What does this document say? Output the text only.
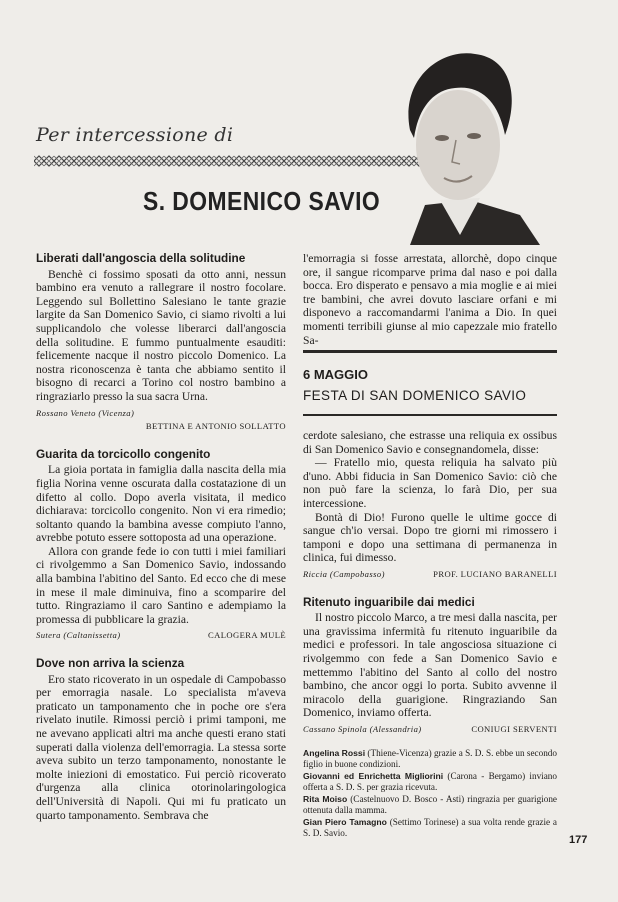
Per intercessione di
S. DOMENICO SAVIO
Liberati dall'angoscia della solitudine

Benchè ci fossimo sposati da otto anni, nessun bambino era venuto a rallegrare il nostro focolare. Leggendo sul Bollettino Salesiano le tante grazie largite da San Domenico Savio, ci siamo rivolti a lui supplicandolo che volesse liberarci dall'angoscia della solitudine. E fummo puntualmente esauditi: felicemente nacque il nostro piccolo Domenico. La nostra riconoscenza è tanta che abbiamo sentito il bisogno di recarci a Torino col nostro bambino a ringraziarlo presso la sua sacra Urna.

Rossano Veneto (Vicenza)
BETTINA E ANTONIO SOLLATTO
Guarita da torcicollo congenito

La gioia portata in famiglia dalla nascita della mia figlia Norina venne oscurata dalla costatazione di un difetto al collo. Dopo averla visitata, il medico dichiarava: torcicollo congenito. Non vi era rimedio; soltanto quando la bambina avesse compiuto l'anno, avrebbe potuto essere sottoposta ad una operazione.

Allora con grande fede io con tutti i miei familiari ci rivolgemmo a San Domenico Savio, indossando alla bambina l'abitino del Santo. Ed ecco che di mese in mese il male diminuiva, fino a scomparire del tutto. Ringraziamo il caro Santino e adempiamo la promessa di pubblicare la grazia.

Sutera (Caltanissetta)	CALOGERA MULÈ
Dove non arriva la scienza

Ero stato ricoverato in un ospedale di Campobasso per emorragia nasale. Lo specialista m'aveva praticato un tamponamento che in poche ore s'era rivelato inutile. Rimossi perciò i primi tamponi, me ne avevano applicati altri ma anche questi erano stati superati dalla violenza dell'emorragia. La stessa sorte aveva subito un terzo tamponamento, nonostante le molte iniezioni di emostatico. Fui perciò ricoverato d'urgenza alla clinica otorinolaringologica dell'Università di Napoli. Qui mi fu praticato un quarto tamponamento. Sembrava che

l'emorragia si fosse arrestata, allorchè, dopo cinque ore, il sangue ricomparve prima dal naso e poi dalla bocca. Ero disperato e pensavo a mia moglie e ai miei tre bambini, che avrei dovuto lasciare orfani e mi disponevo a raccomandarmi l'anima a Dio. In quei momenti terribili giunse al mio capezzale mio fratello Sa-

6 MAGGIO
FESTA DI SAN DOMENICO SAVIO

cerdote salesiano, che estrasse una reliquia ex ossibus di San Domenico Savio e consegnandomela, disse:

— Fratello mio, questa reliquia ha salvato più d'uno. Abbi fiducia in San Domenico Savio: ciò che non può fare la scienza, lo farà Dio, per sua intercessione.

Bontà di Dio! Furono quelle le ultime gocce di sangue ch'io versai. Dopo tre giorni mi rimossero i tamponi e dopo una settimana di permanenza in clinica, fui dimesso.

Riccia (Campobasso)	PROF. LUCIANO BARANELLI
Ritenuto inguaribile dai medici

Il nostro piccolo Marco, a tre mesi dalla nascita, per una gravissima infermità fu ritenuto inguaribile da medici e professori. In tale angosciosa situazione ci rivolgemmo con fede a San Domenico Savio e mettemmo l'abitino del Santo al collo del nostro bambino, che ancor oggi lo porta. Subito avvenne il miracolo della guarigione. Ringraziando San Domenico, inviamo offerta.

Cassano Spinola (Alessandria)	CONIUGI SERVENTI
Angelina Rossi (Thiene-Vicenza) grazie a S. D. S. ebbe un secondo figlio in buone condizioni.
Giovanni ed Enrichetta Migliorini (Carona - Bergamo) inviano offerta a S. D. S. per grazia ricevuta.
Rita Moiso (Castelnuovo D. Bosco - Asti) ringrazia per guarigione ottenuta dalla mamma.
Gian Piero Tamagno (Settimo Torinese) a sua volta rende grazie a S. D. Savio.
177
